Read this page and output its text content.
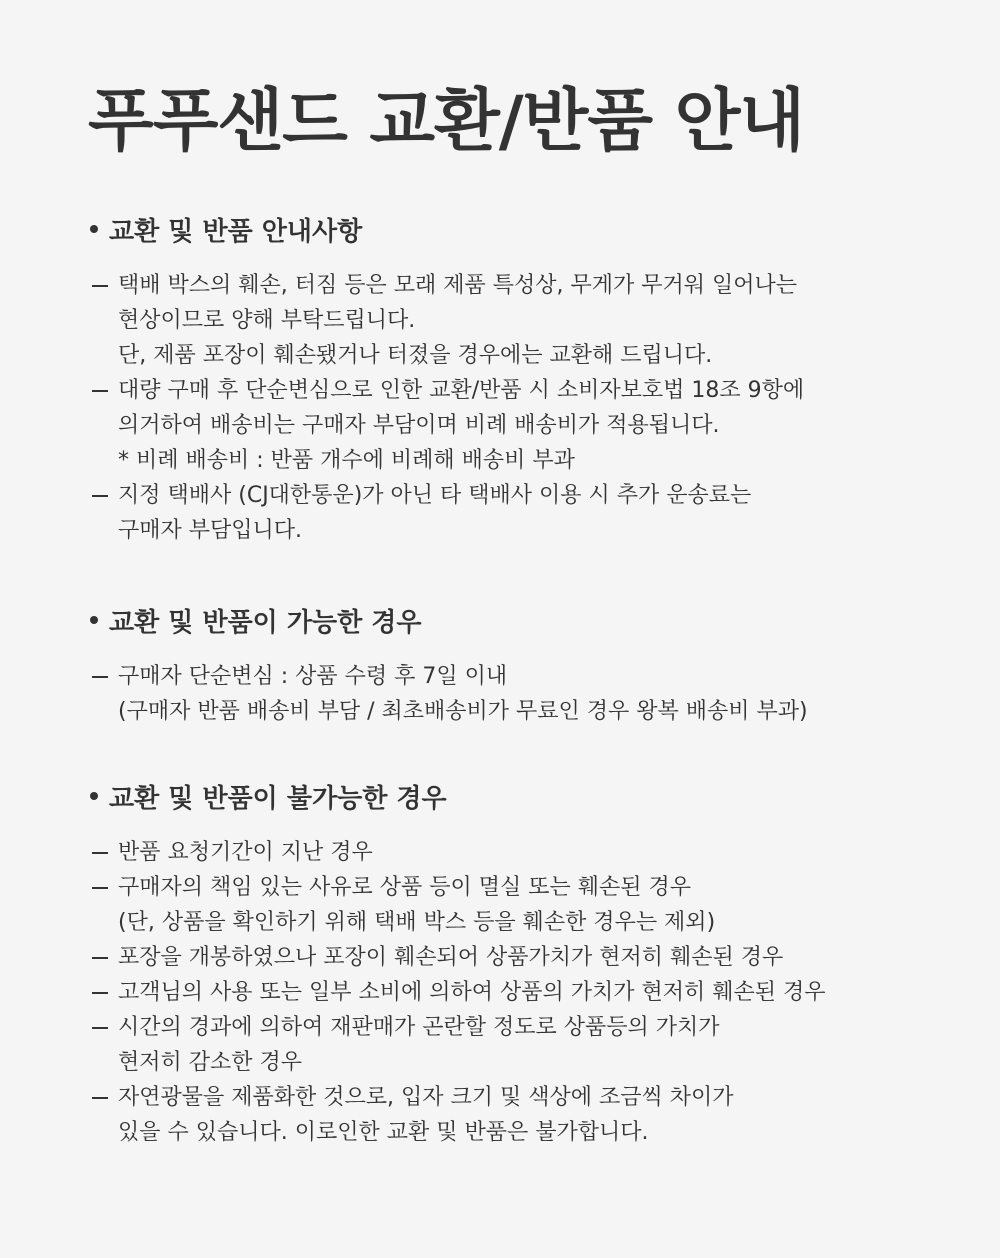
푸푸샌드 교환/반품 안내
교환 및 반품 안내사항
택배 박스의 훼손, 터짐 등은 모래 제품 특성상, 무게가 무거워 일어나는
현상이므로 양해 부탁드립니다.
단, 제품 포장이 훼손됐거나 터졌을 경우에는 교환해 드립니다.
대량 구매 후 단순변심으로 인한 교환/반품 시 소비자보호법 18조 9항에
의거하여 배송비는 구매자 부담이며 비례 배송비가 적용됩니다.
* 비례 배송비 : 반품 개수에 비례해 배송비 부과
지정 택배사 (CJ대한통운)가 아닌 타 택배사 이용 시 추가 운송료는
구매자 부담입니다.
교환 및 반품이 가능한 경우
구매자 단순변심 : 상품 수령 후 7일 이내
(구매자 반품 배송비 부담 / 최초배송비가 무료인 경우 왕복 배송비 부과)
교환 및 반품이 불가능한 경우
반품 요청기간이 지난 경우
구매자의 책임 있는 사유로 상품 등이 멸실 또는 훼손된 경우
(단, 상품을 확인하기 위해 택배 박스 등을 훼손한 경우는 제외)
포장을 개봉하였으나 포장이 훼손되어 상품가치가 현저히 훼손된 경우
고객님의 사용 또는 일부 소비에 의하여 상품의 가치가 현저히 훼손된 경우
시간의 경과에 의하여 재판매가 곤란할 정도로 상품등의 가치가
현저히 감소한 경우
자연광물을 제품화한 것으로, 입자 크기 및 색상에 조금씩 차이가
있을 수 있습니다. 이로인한 교환 및 반품은 불가합니다.
